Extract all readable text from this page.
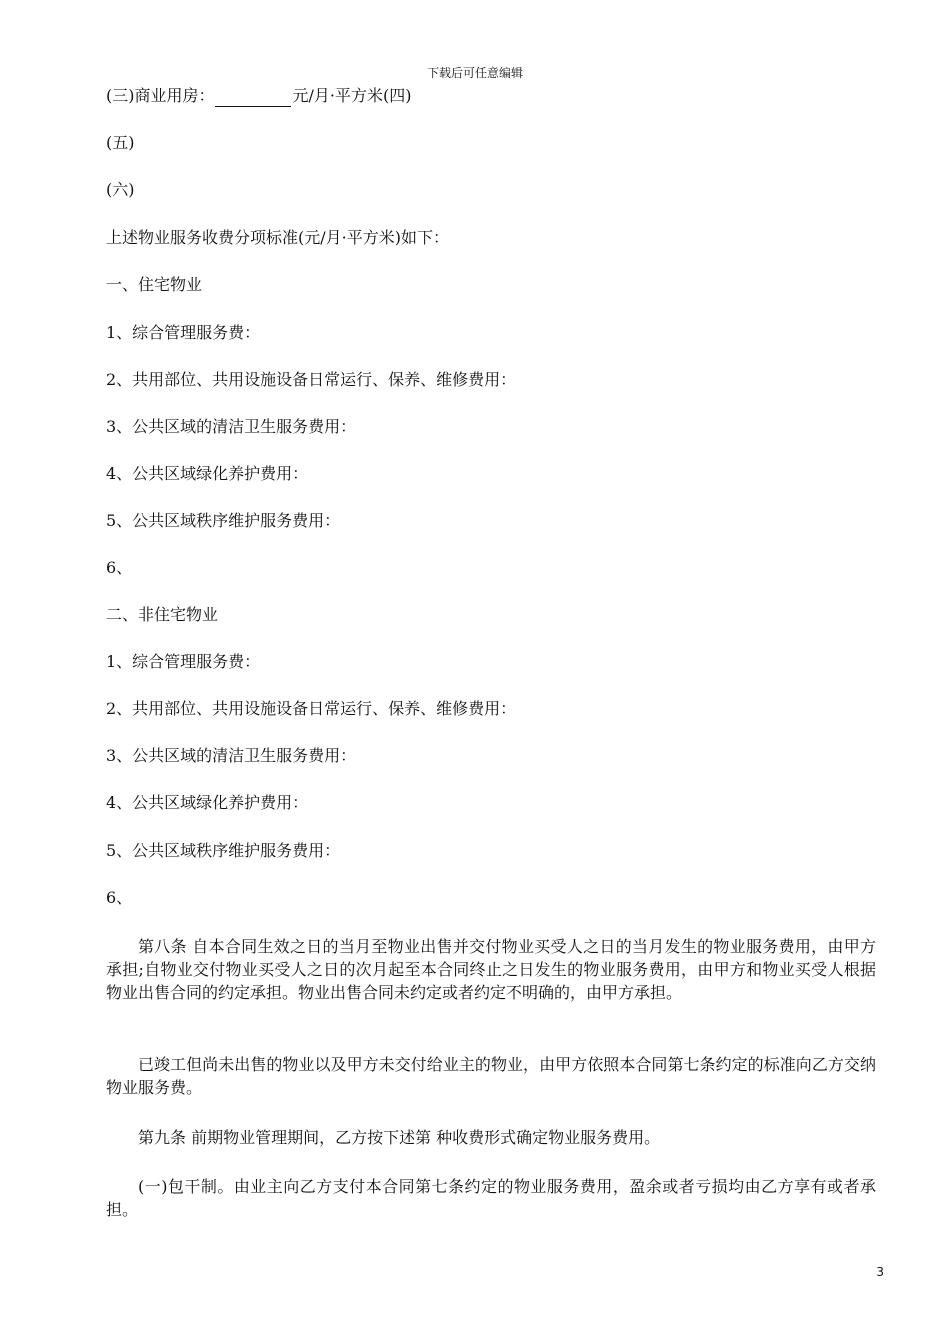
下载后可任意编辑
(三)商业用房：	元/月·平方米(四)
(五)
(六)
上述物业服务收费分项标准(元/月·平方米)如下：
一、住宅物业
1、综合管理服务费：
2、共用部位、共用设施设备日常运行、保养、维修费用：
3、公共区域的清洁卫生服务费用：
4、公共区域绿化养护费用：
5、公共区域秩序维护服务费用：
6、
二、非住宅物业
1、综合管理服务费：
2、共用部位、共用设施设备日常运行、保养、维修费用：
3、公共区域的清洁卫生服务费用：
4、公共区域绿化养护费用：
5、公共区域秩序维护服务费用：
6、
第八条 自本合同生效之日的当月至物业出售并交付物业买受人之日的当月发生的物业服务费用，由甲方承担;自物业交付物业买受人之日的次月起至本合同终止之日发生的物业服务费用，由甲方和物业买受人根据物业出售合同的约定承担。物业出售合同未约定或者约定不明确的，由甲方承担。
已竣工但尚未出售的物业以及甲方未交付给业主的物业，由甲方依照本合同第七条约定的标准向乙方交纳物业服务费。
第九条 前期物业管理期间，乙方按下述第 种收费形式确定物业服务费用。
(一)包干制。由业主向乙方支付本合同第七条约定的物业服务费用，盈余或者亏损均由乙方享有或者承担。
3
